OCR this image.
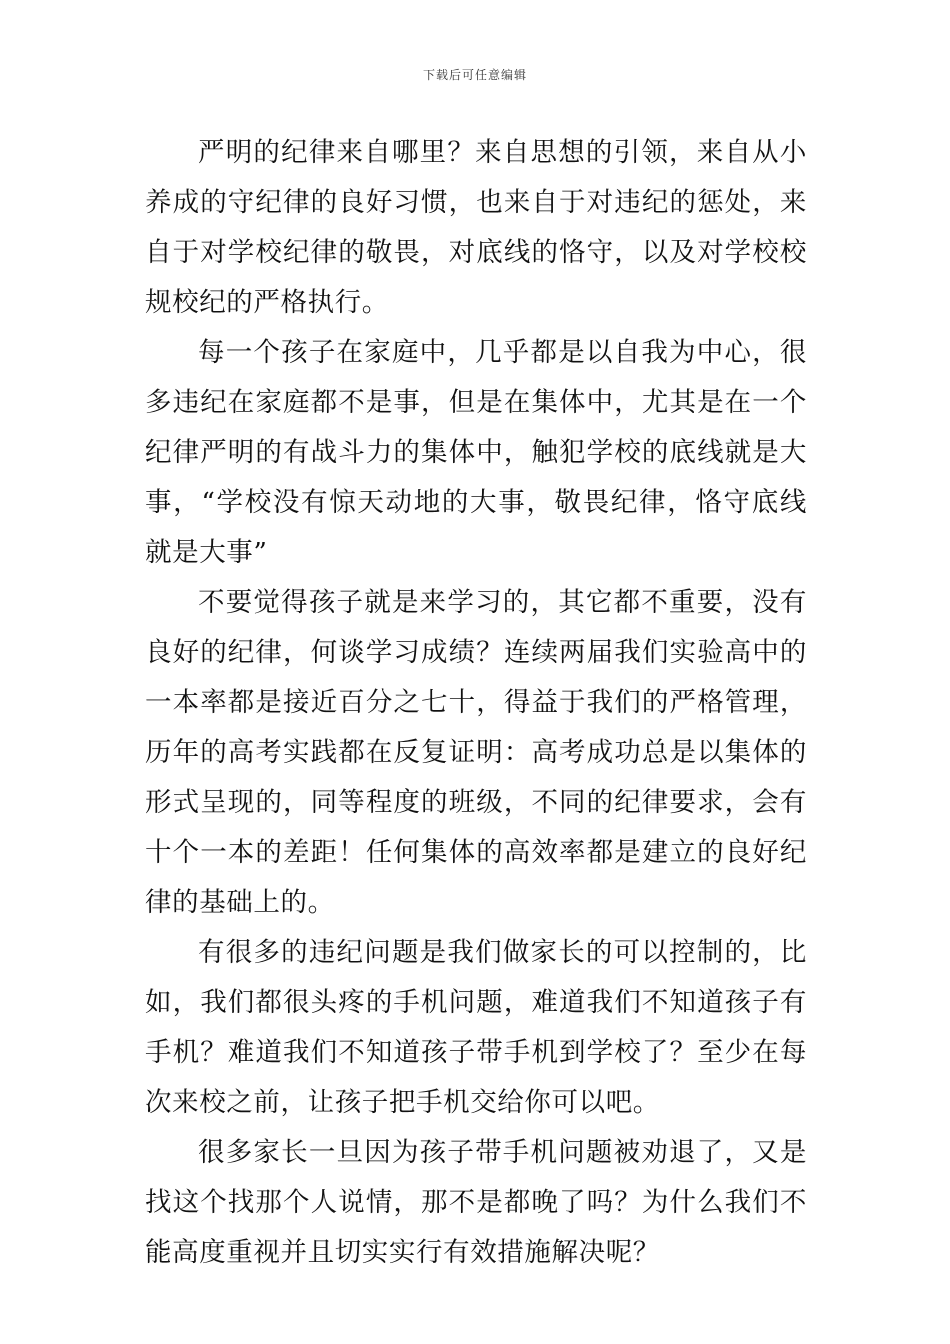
下载后可任意编辑

严明的纪律来自哪里？来自思想的引领，来自从小养成的守纪律的良好习惯，也来自于对违纪的惩处，来自于对学校纪律的敬畏，对底线的恪守，以及对学校校规校纪的严格执行。

每一个孩子在家庭中，几乎都是以自我为中心，很多违纪在家庭都不是事，但是在集体中，尤其是在一个纪律严明的有战斗力的集体中，触犯学校的底线就是大事，“学校没有惊天动地的大事，敬畏纪律，恪守底线就是大事”

不要觉得孩子就是来学习的，其它都不重要，没有良好的纪律，何谈学习成绩？连续两届我们实验高中的一本率都是接近百分之七十，得益于我们的严格管理，历年的高考实践都在反复证明：高考成功总是以集体的形式呈现的，同等程度的班级，不同的纪律要求，会有十个一本的差距！任何集体的高效率都是建立的良好纪律的基础上的。

有很多的违纪问题是我们做家长的可以控制的，比如，我们都很头疼的手机问题，难道我们不知道孩子有手机？难道我们不知道孩子带手机到学校了？至少在每次来校之前，让孩子把手机交给你可以吧。

很多家长一旦因为孩子带手机问题被劝退了，又是找这个找那个人说情，那不是都晚了吗？为什么我们不能高度重视并且切实实行有效措施解决呢？
